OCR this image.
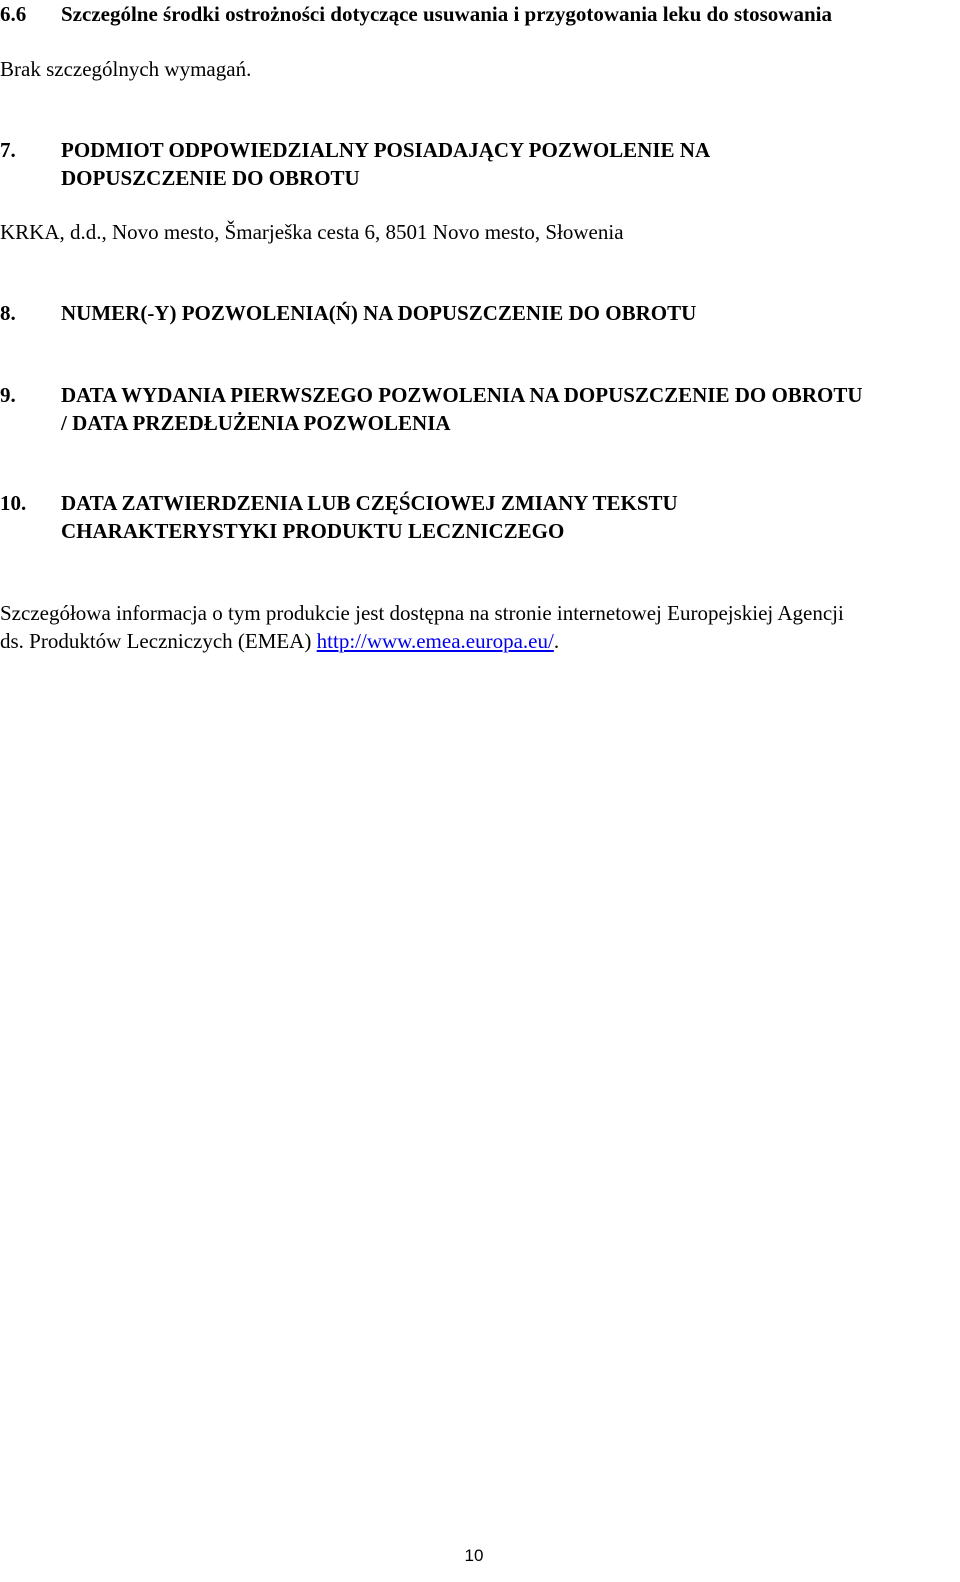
6.6 Szczególne środki ostrożności dotyczące usuwania i przygotowania leku do stosowania
Brak szczególnych wymagań.
7. PODMIOT ODPOWIEDZIALNY POSIADAJĄCY POZWOLENIE NA
DOPUSZCZENIE DO OBROTU
KRKA, d.d., Novo mesto, Šmarješka cesta 6, 8501 Novo mesto, Słowenia
8. NUMER(-Y) POZWOLENIA(Ń) NA DOPUSZCZENIE DO OBROTU
9. DATA WYDANIA PIERWSZEGO POZWOLENIA NA DOPUSZCZENIE DO OBROTU
/ DATA PRZEDŁUŻENIA POZWOLENIA
10. DATA ZATWIERDZENIA LUB CZĘŚCIOWEJ ZMIANY TEKSTU
CHARAKTERYSTYKI PRODUKTU LECZNICZEGO
Szczegółowa informacja o tym produkcie jest dostępna na stronie internetowej Europejskiej Agencji
ds. Produktów Leczniczych (EMEA) http://www.emea.europa.eu/.
10
